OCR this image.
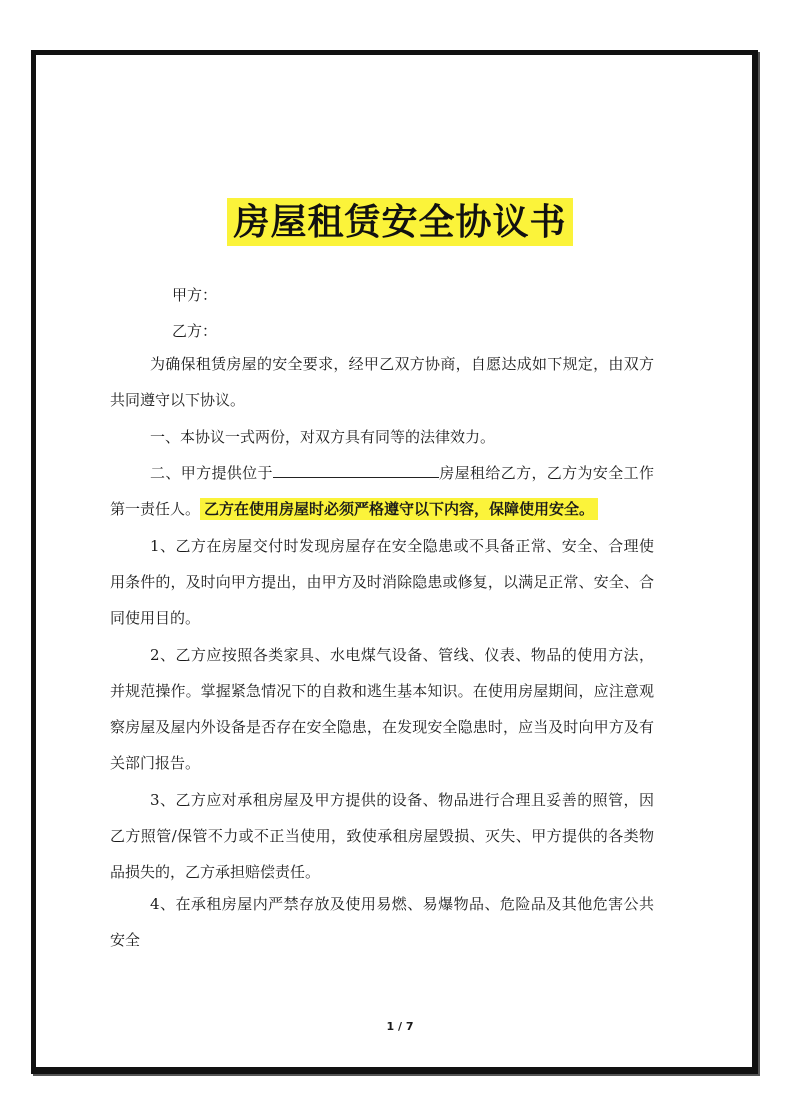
房屋租赁安全协议书
甲方：
乙方：
为确保租赁房屋的安全要求，经甲乙双方协商，自愿达成如下规定，由双方共同遵守以下协议。
一、本协议一式两份，对双方具有同等的法律效力。
二、甲方提供位于	房屋租给乙方，乙方为安全工作第一责任人。 乙方在使用房屋时必须严格遵守以下内容，保障使用安全。
1、乙方在房屋交付时发现房屋存在安全隐患或不具备正常、安全、合理使用条件的，及时向甲方提出，由甲方及时消除隐患或修复，以满足正常、安全、合同使用目的。
2、乙方应按照各类家具、水电煤气设备、管线、仪表、物品的使用方法，并规范操作。掌握紧急情况下的自救和逃生基本知识。在使用房屋期间，应注意观察房屋及屋内外设备是否存在安全隐患，在发现安全隐患时，应当及时向甲方及有关部门报告。
3、乙方应对承租房屋及甲方提供的设备、物品进行合理且妥善的照管，因乙方照管/保管不力或不正当使用，致使承租房屋毁损、灭失、甲方提供的各类物品损失的，乙方承担赔偿责任。
4、在承租房屋内严禁存放及使用易燃、易爆物品、危险品及其他危害公共安全
1 / 7
